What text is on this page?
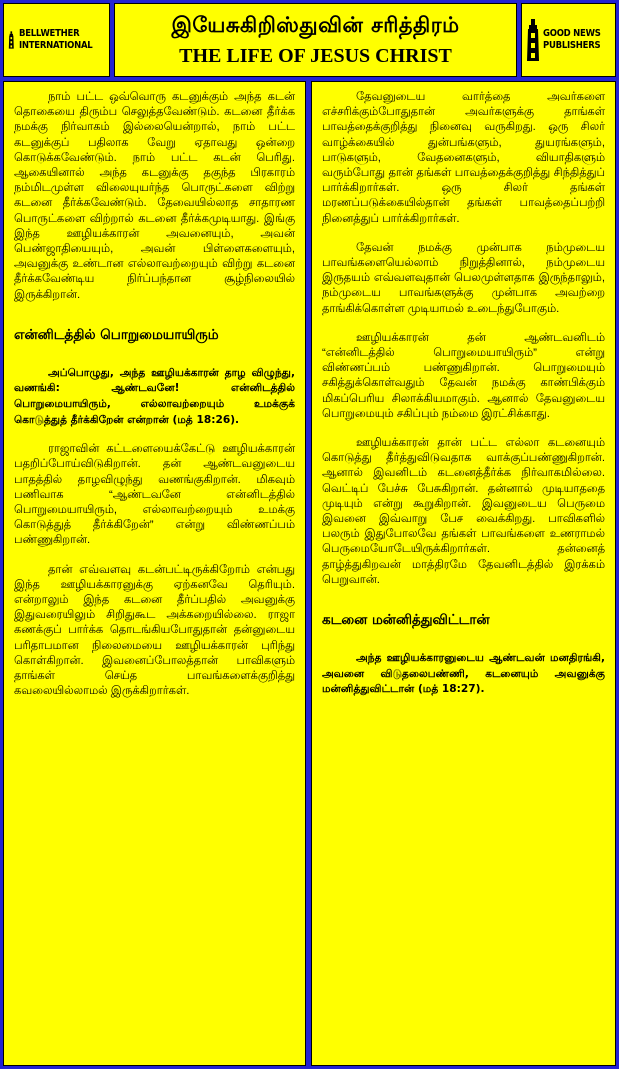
BELLWETHER
INTERNATIONAL
இயேசுகிறிஸ்துவின் சரித்திரம்
THE LIFE OF JESUS CHRIST
GOOD NEWS
PUBLISHERS

நாம் பட்ட ஒவ்வொரு கடனுக்கும் அந்த கடன் தொகையை திரும்ப செலுத்தவேண்டும். கடனை தீர்க்க நமக்கு நிர்வாகம் இல்லையென்றால், நாம் பட்ட கடனுக்குப் பதிலாக வேறு ஏதாவது ஒன்றை கொடுக்கவேண்டும். நாம் பட்ட கடன் பெரிது. ஆகையினால் அந்த கடனுக்கு தகுந்த பிரகாரம் நம்மிடமுள்ள விலையுயர்ந்த பொருட்களை விற்று கடனை தீர்க்கவேண்டும். தேவையில்லாத சாதாரண பொருட்களை விற்றால் கடனை தீர்க்கமுடியாது. இங்கு இந்த ஊழியக்காரன் அவனையும், அவன் பெண்ஜாதியையும், அவன் பிள்ளைகளையும், அவனுக்கு உண்டான எல்லாவற்றையும் விற்று கடனை தீர்க்கவேண்டிய நிர்ப்பந்தான சூழ்நிலையில் இருக்கிறான்.

என்னிடத்தில் பொறுமையாயிரும்

அப்பொழுது, அந்த ஊழியக்காரன் தாழ விழுந்து, வணங்கி: ஆண்டவனே! என்னிடத்தில் பொறுமையாயிரும், எல்லாவற்றையும் உமக்குக் கொடுத்துத் தீர்க்கிறேன் என்றான் (மத் 18:26).

ராஜாவின் கட்டளையைக்கேட்டு ஊழியக்காரன் பதறிப்போய்விடுகிறான். தன் ஆண்டவனுடைய பாதத்தில் தாழவிழுந்து வணங்குகிறான். மிகவும் பணிவாக “ஆண்டவனே என்னிடத்தில் பொறுமையாயிரும், எல்லாவற்றையும் உமக்கு கொடுத்துத் தீர்க்கிறேன்” என்று விண்ணப்பம் பண்ணுகிறான்.

தான் எவ்வளவு கடன்பட்டிருக்கிறோம் என்பது இந்த ஊழியக்காரனுக்கு ஏற்கனவே தெரியும். என்றாலும் இந்த கடனை தீர்ப்பதில் அவனுக்கு இதுவரையிலும் சிறிதுகூட அக்கறையில்லை. ராஜா கணக்குப் பார்க்க தொடங்கியபோதுதான் தன்னுடைய பரிதாபமான நிலைமையை ஊழியக்காரன் புரிந்து கொள்கிறான். இவனைப்போலத்தான் பாவிகளும் தாங்கள் செய்த பாவங்களைக்குறித்து கவலையில்லாமல் இருக்கிறார்கள்.

தேவனுடைய வார்த்தை அவர்களை எச்சரிக்கும்போதுதான் அவர்களுக்கு தாங்கள் பாவத்தைக்குறித்து நினைவு வருகிறது. ஒரு சிலர் வாழ்க்கையில் துன்பங்களும், துயரங்களும், பாடுகளும், வேதனைகளும், வியாதிகளும் வரும்போது தான் தங்கள் பாவத்தைக்குறித்து சிந்தித்துப் பார்க்கிறார்கள். ஒரு சிலர் தங்கள் மரணப்படுக்கையில்தான் தங்கள் பாவத்தைப்பற்றி நினைத்துப் பார்க்கிறார்கள்.

தேவன் நமக்கு முன்பாக நம்முடைய பாவங்களையெல்லாம் நிறுத்தினால், நம்முடைய இருதயம் எவ்வளவுதான் பெலமுள்ளதாக இருந்தாலும், நம்முடைய பாவங்களுக்கு முன்பாக அவற்றை தாங்கிக்கொள்ள முடியாமல் உடைந்துபோகும்.

ஊழியக்காரன் தன் ஆண்டவனிடம் “என்னிடத்தில் பொறுமையாயிரும்” என்று விண்ணப்பம் பண்ணுகிறான். பொறுமையும் சகித்துக்கொள்வதும் தேவன் நமக்கு காண்பிக்கும் மிகப்பெரிய சிலாக்கியமாகும். ஆனால் தேவனுடைய பொறுமையும் சகிப்பும் நம்மை இரட்சிக்காது.

ஊழியக்காரன் தான் பட்ட எல்லா கடனையும் கொடுத்து தீர்த்துவிடுவதாக வாக்குப்பண்ணுகிறான். ஆனால் இவனிடம் கடனைத்தீர்க்க நிர்வாகமில்லை. வெட்டிப் பேச்சு பேசுகிறான். தன்னால் முடியாததை முடியும் என்று கூறுகிறான். இவனுடைய பெருமை இவனை இவ்வாறு பேச வைக்கிறது. பாவிகளில் பலரும் இதுபோலவே தங்கள் பாவங்களை உணராமல் பெருமையோடேயிருக்கிறார்கள். தன்னைத் தாழ்த்துகிறவன் மாத்திரமே தேவனிடத்தில் இரக்கம் பெறுவான்.

கடனை மன்னித்துவிட்டான்

அந்த ஊழியக்காரனுடைய ஆண்டவன் மனதிரங்கி, அவனை விடுதலைபண்ணி, கடனையும் அவனுக்கு மன்னித்துவிட்டான் (மத் 18:27).
